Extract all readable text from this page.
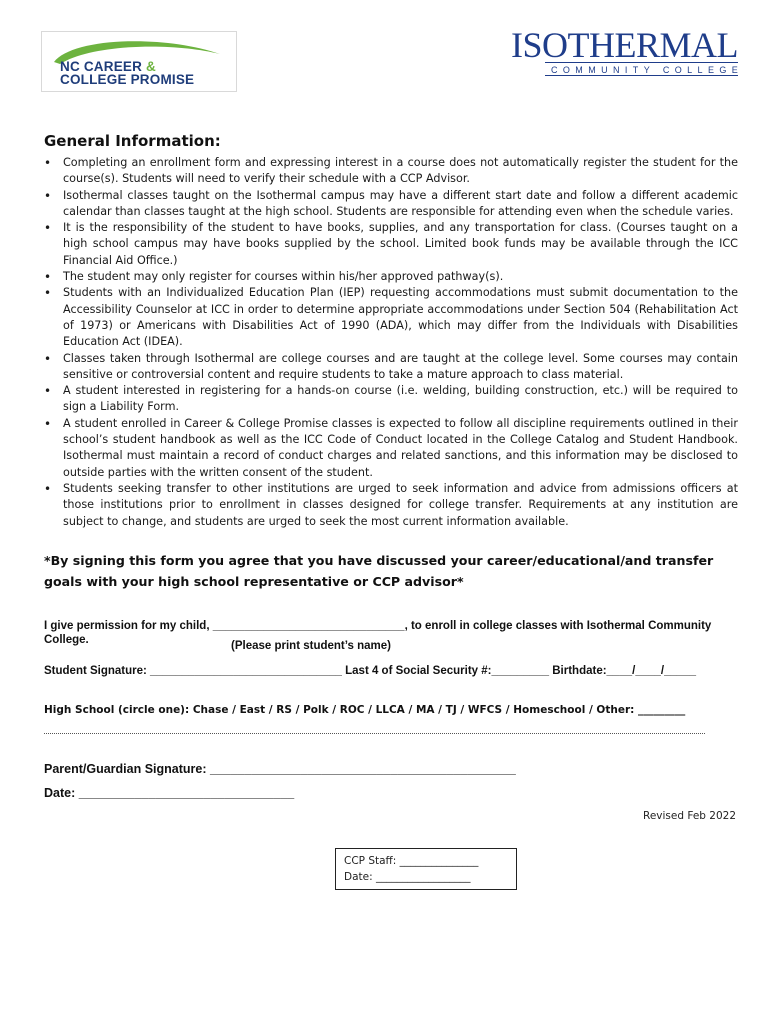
NC CAREER &
COLLEGE PROMISE
ISOTHERMAL
COMMUNITY COLLEGE
General Information:
• Completing an enrollment form and expressing interest in a course does not automatically register the student for the course(s). Students will need to verify their schedule with a CCP Advisor.
• Isothermal classes taught on the Isothermal campus may have a different start date and follow a different academic calendar than classes taught at the high school. Students are responsible for attending even when the schedule varies.
• It is the responsibility of the student to have books, supplies, and any transportation for class. (Courses taught on a high school campus may have books supplied by the school. Limited book funds may be available through the ICC Financial Aid Office.)
• The student may only register for courses within his/her approved pathway(s).
• Students with an Individualized Education Plan (IEP) requesting accommodations must submit documentation to the Accessibility Counselor at ICC in order to determine appropriate accommodations under Section 504 (Rehabilitation Act of 1973) or Americans with Disabilities Act of 1990 (ADA), which may differ from the Individuals with Disabilities Education Act (IDEA).
• Classes taken through Isothermal are college courses and are taught at the college level. Some courses may contain sensitive or controversial content and require students to take a mature approach to class material.
• A student interested in registering for a hands-on course (i.e. welding, building construction, etc.) will be required to sign a Liability Form.
• A student enrolled in Career & College Promise classes is expected to follow all discipline requirements outlined in their school’s student handbook as well as the ICC Code of Conduct located in the College Catalog and Student Handbook. Isothermal must maintain a record of conduct charges and related sanctions, and this information may be disclosed to outside parties with the written consent of the student.
• Students seeking transfer to other institutions are urged to seek information and advice from admissions officers at those institutions prior to enrollment in classes designed for college transfer. Requirements at any institution are subject to change, and students are urged to seek the most current information available.
*By signing this form you agree that you have discussed your career/educational/and transfer goals with your high school representative or CCP advisor*
I give permission for my child, ______________________________, to enroll in college classes with Isothermal Community
College.	(Please print student’s name)
Student Signature: ______________________________ Last 4 of Social Security #:_________ Birthdate:____/____/_____
High School (circle one): Chase / East / RS / Polk / ROC / LLCA / MA / TJ / WFCS / Homeschool / Other: _________
Parent/Guardian Signature: ____________________________________________
Date: _______________________________
Revised Feb 2022
CCP Staff: _______________
Date: __________________
